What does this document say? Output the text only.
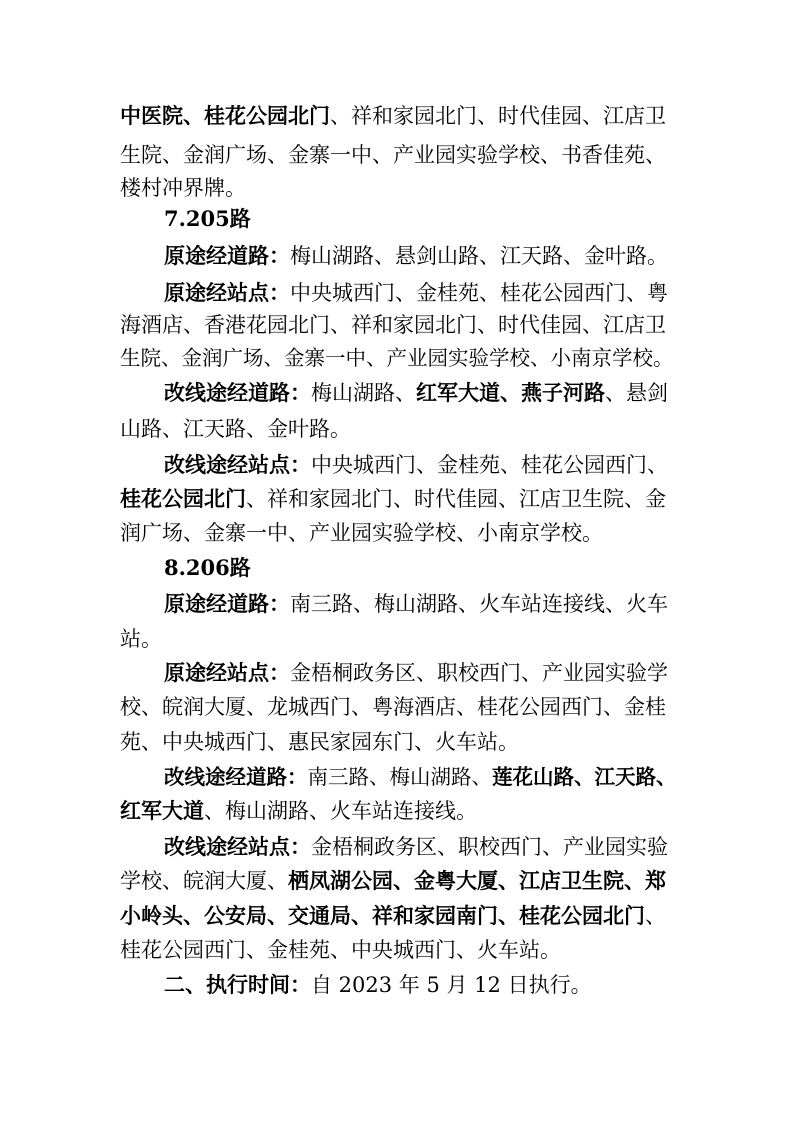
中医院、桂花公园北门、祥和家园北门、时代佳园、江店卫
生院、金润广场、金寨一中、产业园实验学校、书香佳苑、
楼村冲界牌。
7.205路
原途经道路：梅山湖路、悬剑山路、江天路、金叶路。
原途经站点：中央城西门、金桂苑、桂花公园西门、粤
海酒店、香港花园北门、祥和家园北门、时代佳园、江店卫
生院、金润广场、金寨一中、产业园实验学校、小南京学校。
改线途经道路：梅山湖路、红军大道、燕子河路、悬剑
山路、江天路、金叶路。
改线途经站点：中央城西门、金桂苑、桂花公园西门、
桂花公园北门、祥和家园北门、时代佳园、江店卫生院、金
润广场、金寨一中、产业园实验学校、小南京学校。
8.206路
原途经道路：南三路、梅山湖路、火车站连接线、火车
站。
原途经站点：金梧桐政务区、职校西门、产业园实验学
校、皖润大厦、龙城西门、粤海酒店、桂花公园西门、金桂
苑、中央城西门、惠民家园东门、火车站。
改线途经道路：南三路、梅山湖路、莲花山路、江天路、
红军大道、梅山湖路、火车站连接线。
改线途经站点：金梧桐政务区、职校西门、产业园实验
学校、皖润大厦、栖凤湖公园、金粤大厦、江店卫生院、郑
小岭头、公安局、交通局、祥和家园南门、桂花公园北门、
桂花公园西门、金桂苑、中央城西门、火车站。
二、执行时间：自 2023 年 5 月 12 日执行。
